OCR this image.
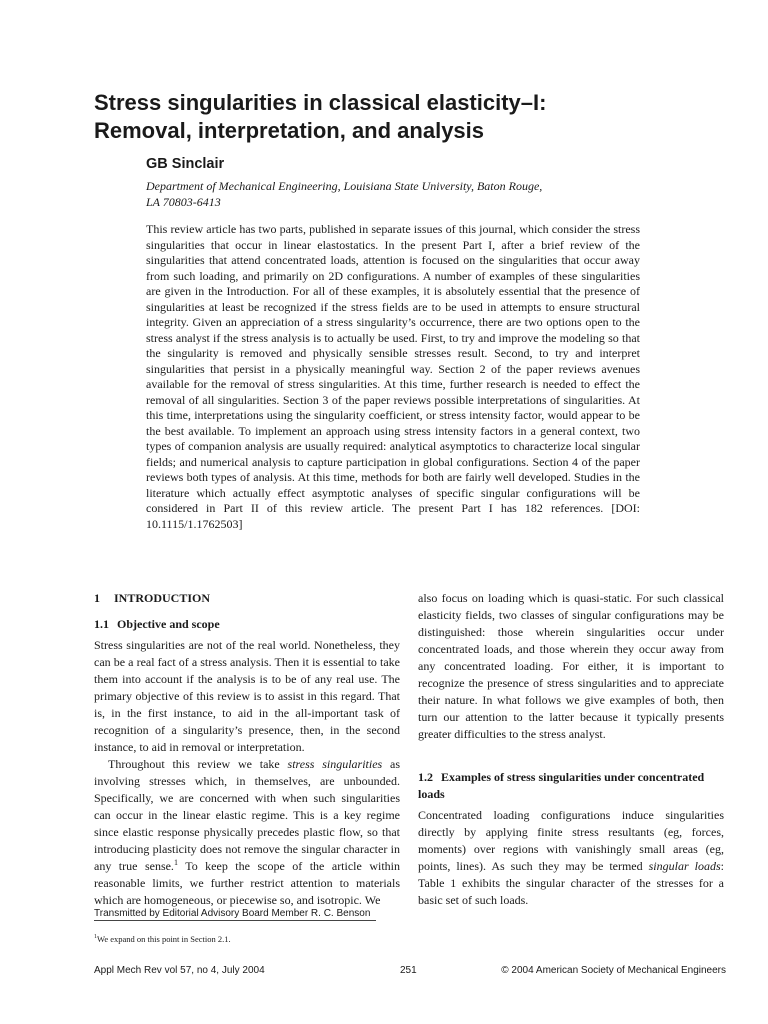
Stress singularities in classical elasticity–I:
Removal, interpretation, and analysis
GB Sinclair
Department of Mechanical Engineering, Louisiana State University, Baton Rouge,
LA 70803-6413
This review article has two parts, published in separate issues of this journal, which consider the stress singularities that occur in linear elastostatics. In the present Part I, after a brief review of the singularities that attend concentrated loads, attention is focused on the singularities that occur away from such loading, and primarily on 2D configurations. A number of examples of these singularities are given in the Introduction. For all of these examples, it is absolutely essential that the presence of singularities at least be recognized if the stress fields are to be used in attempts to ensure structural integrity. Given an appreciation of a stress singularity’s occurrence, there are two options open to the stress analyst if the stress analysis is to actually be used. First, to try and improve the modeling so that the singularity is removed and physically sensible stresses result. Second, to try and interpret singularities that persist in a physically meaningful way. Section 2 of the paper reviews avenues available for the removal of stress singularities. At this time, further research is needed to effect the removal of all singularities. Section 3 of the paper reviews possible interpretations of singularities. At this time, interpretations using the singularity coefficient, or stress intensity factor, would appear to be the best available. To implement an approach using stress intensity factors in a general context, two types of companion analysis are usually required: analytical asymptotics to characterize local singular fields; and numerical analysis to capture participation in global configurations. Section 4 of the paper reviews both types of analysis. At this time, methods for both are fairly well developed. Studies in the literature which actually effect asymptotic analyses of specific singular configurations will be considered in Part II of this review article. The present Part I has 182 references. [DOI: 10.1115/1.1762503]
1 INTRODUCTION
1.1 Objective and scope

Stress singularities are not of the real world. Nonetheless, they can be a real fact of a stress analysis. Then it is essential to take them into account if the analysis is to be of any real use. The primary objective of this review is to assist in this regard. That is, in the first instance, to aid in the all-important task of recognition of a singularity’s presence, then, in the second instance, to aid in removal or interpretation.

Throughout this review we take stress singularities as involving stresses which, in themselves, are unbounded. Specifically, we are concerned with when such singularities can occur in the linear elastic regime. This is a key regime since elastic response physically precedes plastic flow, so that introducing plasticity does not remove the singular character in any true sense.$^1$ To keep the scope of the article within reasonable limits, we further restrict attention to materials which are homogeneous, or piecewise so, and isotropic. We

also focus on loading which is quasi-static. For such classical elasticity fields, two classes of singular configurations may be distinguished: those wherein singularities occur under concentrated loads, and those wherein they occur away from any concentrated loading. For either, it is important to recognize the presence of stress singularities and to appreciate their nature. In what follows we give examples of both, then turn our attention to the latter because it typically presents greater difficulties to the stress analyst.

1.2 Examples of stress singularities under concentrated loads

Concentrated loading configurations induce singularities directly by applying finite stress resultants (eg, forces, moments) over regions with vanishingly small areas (eg, points, lines). As such they may be termed singular loads: Table 1 exhibits the singular character of the stresses for a basic set of such loads.

Transmitted by Editorial Advisory Board Member R. C. Benson
$^1$We expand on this point in Section 2.1.
Appl Mech Rev vol 57, no 4, July 2004	251	© 2004 American Society of Mechanical Engineers
